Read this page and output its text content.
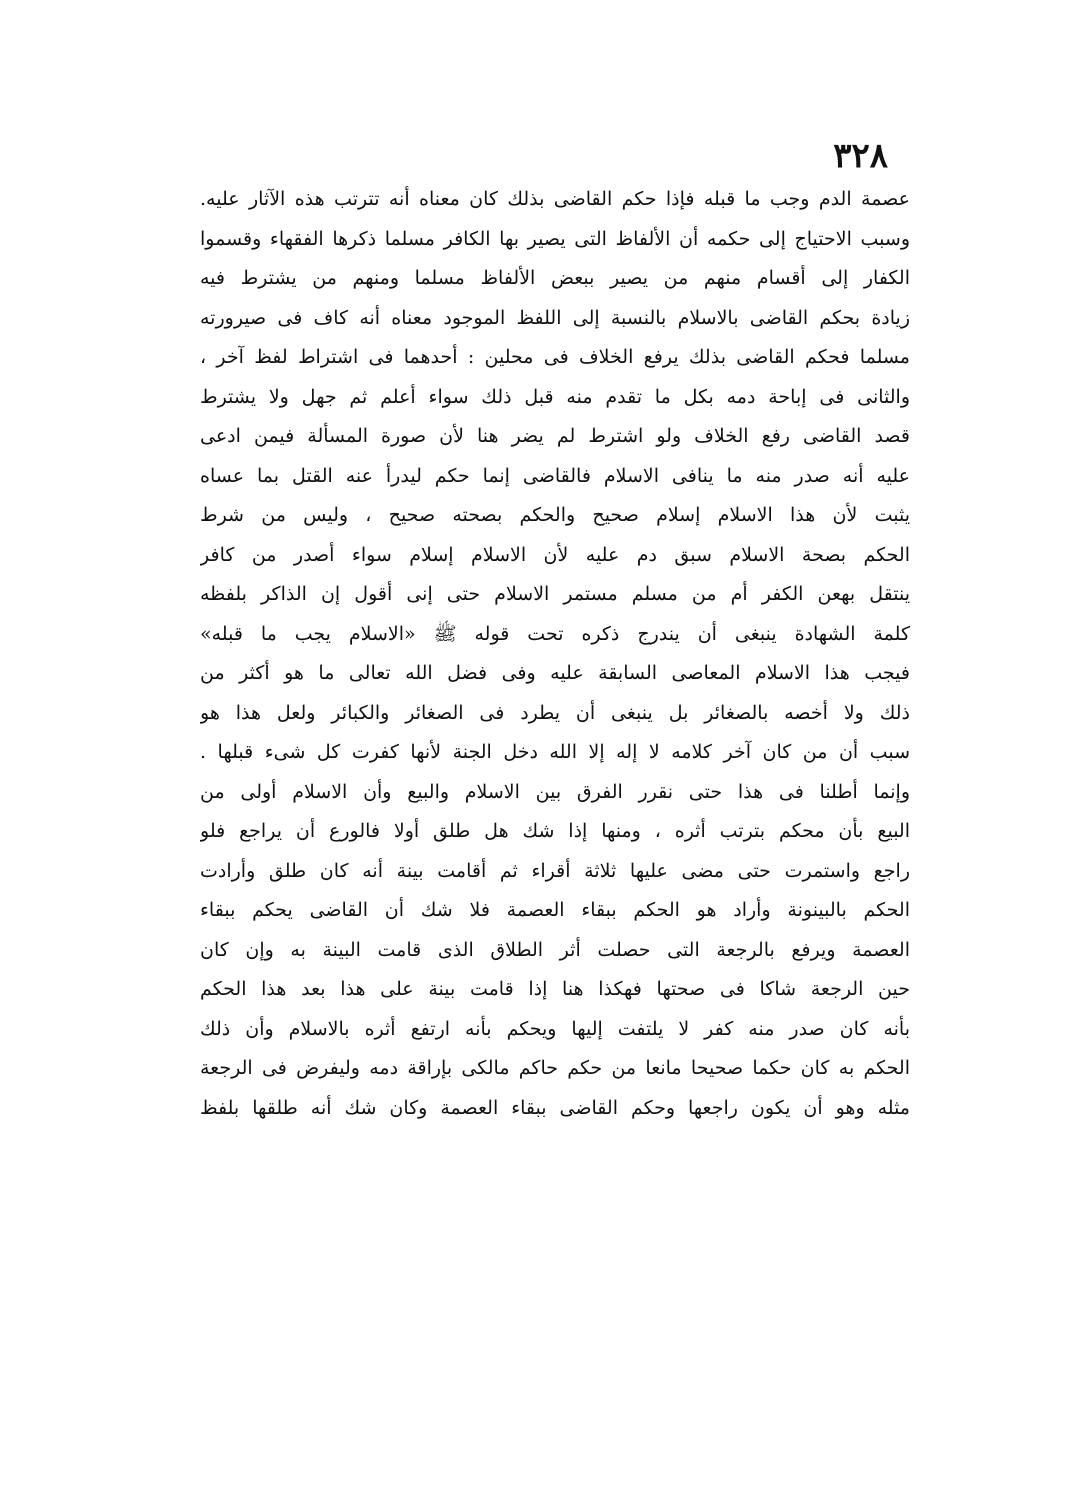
٣٢٨
عصمة الدم وجب ما قبله فإذا حكم القاضى بذلك كان معناه أنه تترتب هذه الآثار عليه.
وسبب الاحتياج إلى حكمه أن الألفاظ التى يصير بها الكافر مسلما ذكرها الفقهاء وقسموا
الكفار إلى أقسام منهم من يصير ببعض الألفاظ مسلما ومنهم من يشترط فيه
زيادة بحكم القاضى بالاسلام بالنسبة إلى اللفظ الموجود معناه أنه كاف فى صيرورته
مسلما فحكم القاضى بذلك يرفع الخلاف فى محلين : أحدهما فى اشتراط لفظ آخر ،
والثانى فى إباحة دمه بكل ما تقدم منه قبل ذلك سواء أعلم ثم جهل ولا يشترط
قصد القاضى رفع الخلاف ولو اشترط لم يضر هنا لأن صورة المسألة فيمن ادعى
عليه أنه صدر منه ما ينافى الاسلام فالقاضى إنما حكم ليدرأ عنه القتل بما عساه
يثبت لأن هذا الاسلام إسلام صحيح والحكم بصحته صحيح ، وليس من شرط
الحكم بصحة الاسلام سبق دم عليه لأن الاسلام إسلام سواء أصدر من كافر
ينتقل بهعن الكفر أم من مسلم مستمر الاسلام حتى إنى أقول إن الذاكر بلفظه
كلمة الشهادة ينبغى أن يندرج ذكره تحت قوله ﷺ «الاسلام يجب ما قبله»
فيجب هذا الاسلام المعاصى السابقة عليه وفى فضل الله تعالى ما هو أكثر من
ذلك ولا أخصه بالصغائر بل ينبغى أن يطرد فى الصغائر والكبائر ولعل هذا هو
سبب أن من كان آخر كلامه لا إله إلا الله دخل الجنة لأنها كفرت كل شىء قبلها .
وإنما أطلنا فى هذا حتى نقرر الفرق بين الاسلام والبيع وأن الاسلام أولى من
البيع بأن محكم بترتب أثره ، ومنها إذا شك هل طلق أولا فالورع أن يراجع فلو
راجع واستمرت حتى مضى عليها ثلاثة أقراء ثم أقامت بينة أنه كان طلق وأرادت
الحكم بالبينونة وأراد هو الحكم ببقاء العصمة فلا شك أن القاضى يحكم ببقاء
العصمة ويرفع بالرجعة التى حصلت أثر الطلاق الذى قامت البينة به وإن كان
حين الرجعة شاكا فى صحتها فهكذا هنا إذا قامت بينة على هذا بعد هذا الحكم
بأنه كان صدر منه كفر لا يلتفت إليها ويحكم بأنه ارتفع أثره بالاسلام وأن ذلك
الحكم به كان حكما صحيحا مانعا من حكم حاكم مالكى بإراقة دمه وليفرض فى الرجعة
مثله وهو أن يكون راجعها وحكم القاضى ببقاء العصمة وكان شك أنه طلقها بلفظ
